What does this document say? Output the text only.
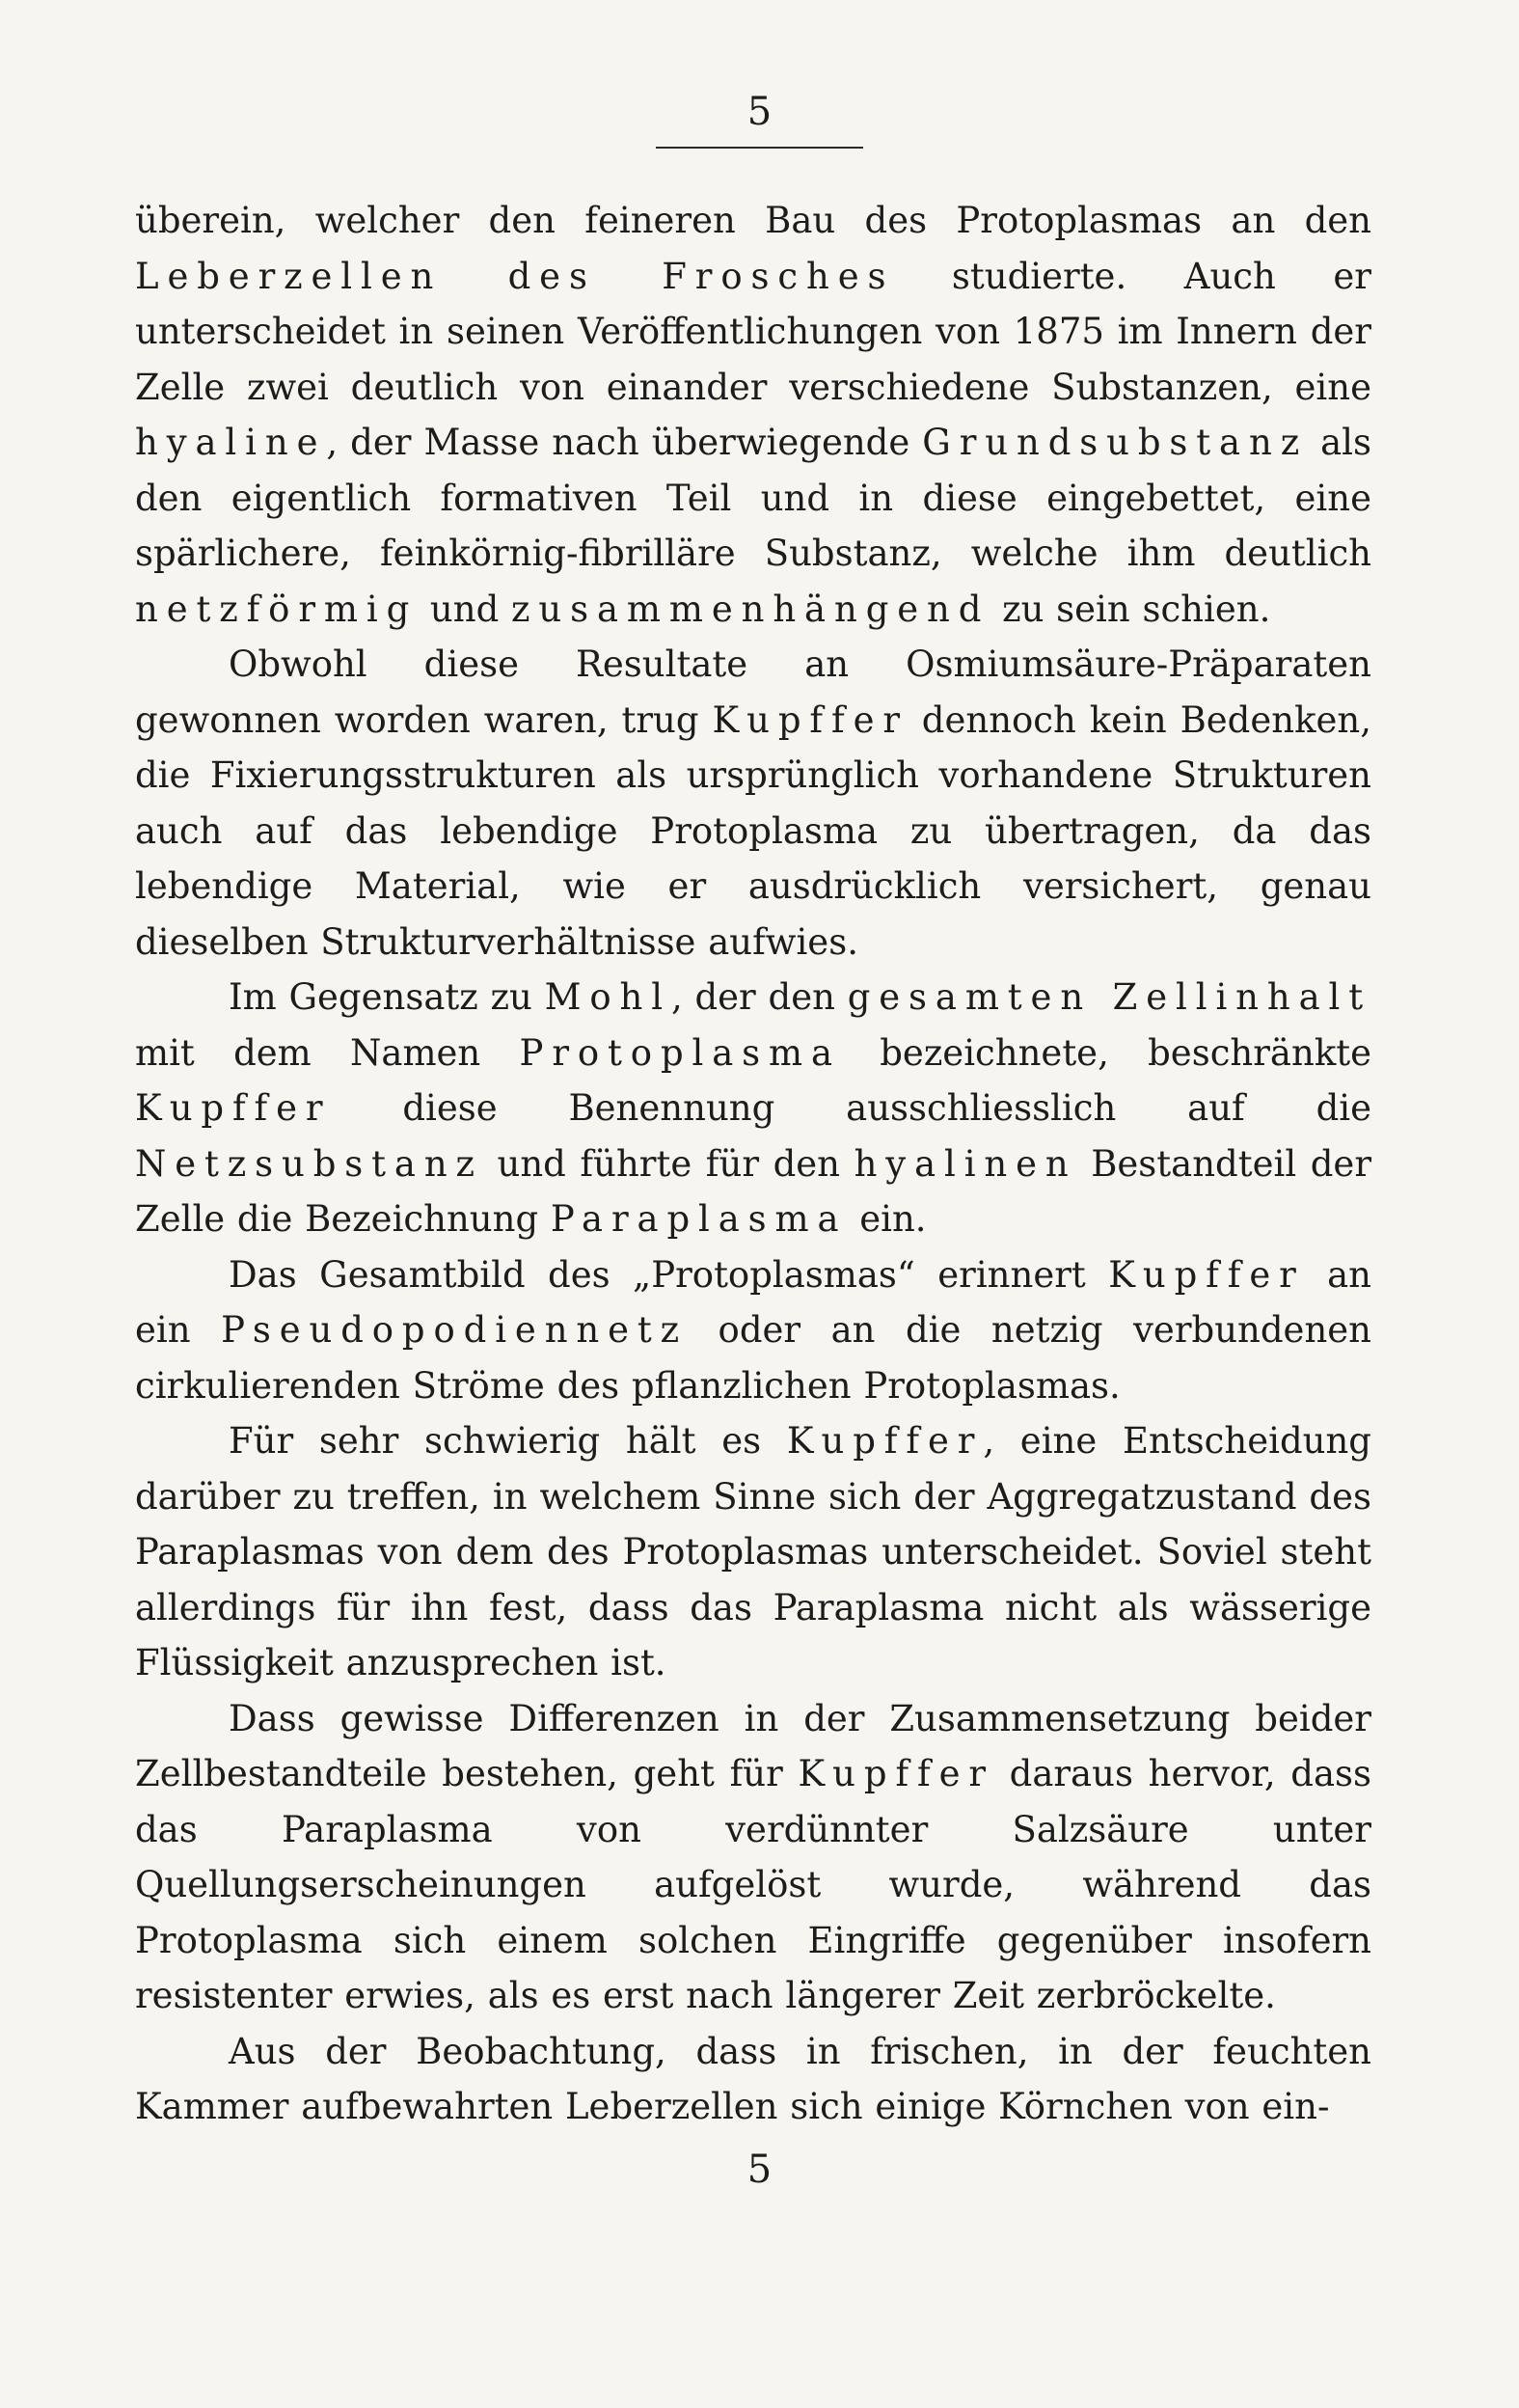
5

überein, welcher den feineren Bau des Protoplasmas an den Leberzellen des Frosches studierte. Auch er unterscheidet in seinen Veröffentlichungen von 1875 im Innern der Zelle zwei deutlich von einander verschiedene Substanzen, eine hyaline, der Masse nach überwiegende Grundsubstanz als den eigentlich formativen Teil und in diese eingebettet, eine spärlichere, feinkörnig-fibrilläre Substanz, welche ihm deutlich netzförmig und zusammenhängend zu sein schien.

Obwohl diese Resultate an Osmiumsäure-Präparaten gewonnen worden waren, trug Kupffer dennoch kein Bedenken, die Fixierungsstrukturen als ursprünglich vorhandene Strukturen auch auf das lebendige Protoplasma zu übertragen, da das lebendige Material, wie er ausdrücklich versichert, genau dieselben Strukturverhältnisse aufwies.

Im Gegensatz zu Mohl, der den gesamten Zellinhalt mit dem Namen Protoplasma bezeichnete, beschränkte Kupffer diese Benennung ausschliesslich auf die Netzsubstanz und führte für den hyalinen Bestandteil der Zelle die Bezeichnung Paraplasma ein.

Das Gesamtbild des „Protoplasmas“ erinnert Kupffer an ein Pseudopodiennetz oder an die netzig verbundenen cirkulierenden Ströme des pflanzlichen Protoplasmas.

Für sehr schwierig hält es Kupffer, eine Entscheidung darüber zu treffen, in welchem Sinne sich der Aggregatzustand des Paraplasmas von dem des Protoplasmas unterscheidet. Soviel steht allerdings für ihn fest, dass das Paraplasma nicht als wässerige Flüssigkeit anzusprechen ist.

Dass gewisse Differenzen in der Zusammensetzung beider Zellbestandteile bestehen, geht für Kupffer daraus hervor, dass das Paraplasma von verdünnter Salzsäure unter Quellungserscheinungen aufgelöst wurde, während das Protoplasma sich einem solchen Eingriffe gegenüber insofern resistenter erwies, als es erst nach längerer Zeit zerbröckelte.

Aus der Beobachtung, dass in frischen, in der feuchten Kammer aufbewahrten Leberzellen sich einige Körnchen von ein-

5
